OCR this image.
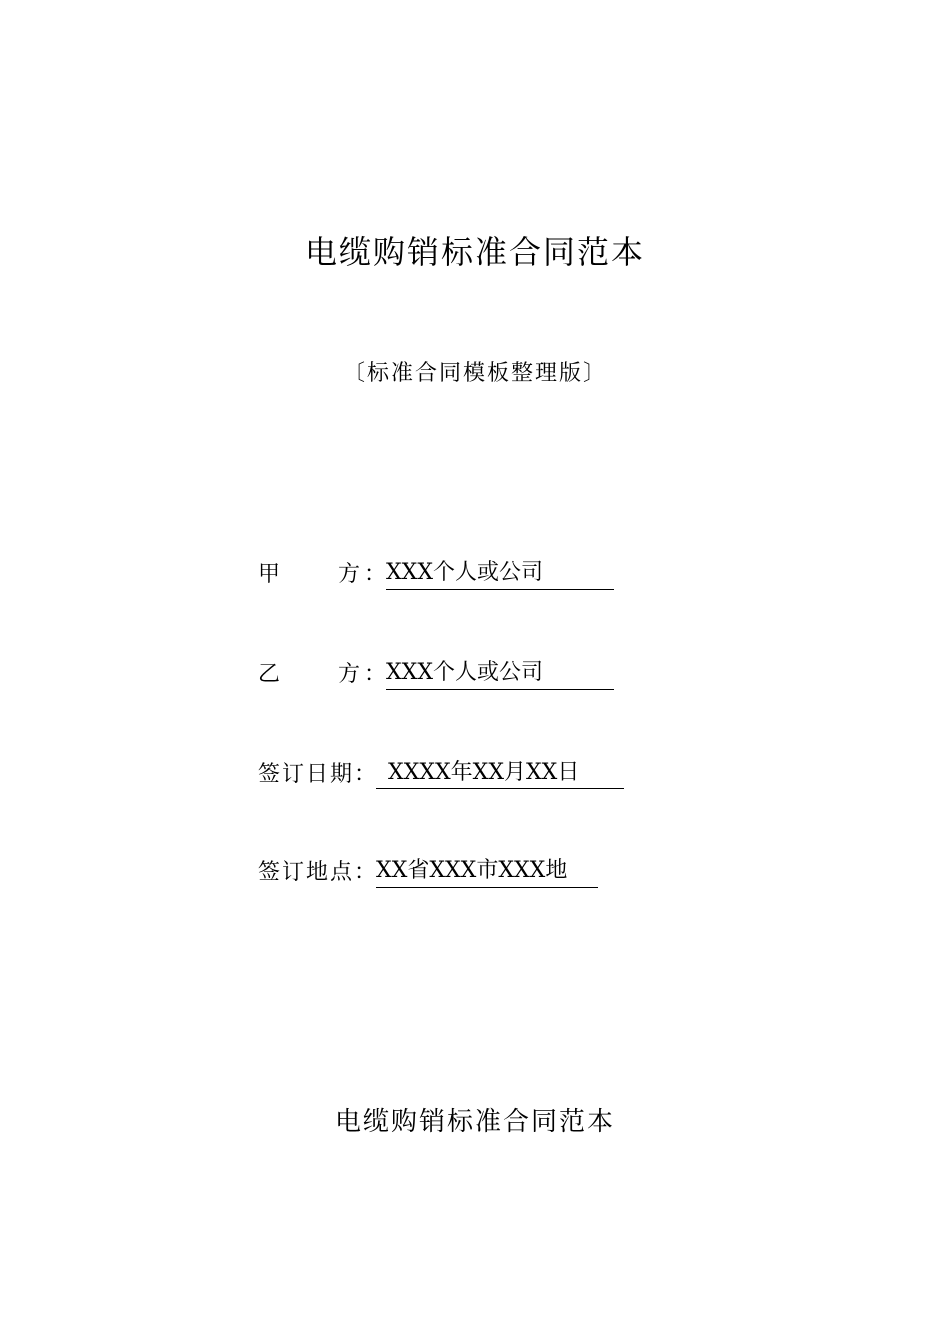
电缆购销标准合同范本
〔标准合同模板整理版〕
甲	方 ：XXX个人或公司
乙	方 ：XXX个人或公司
签订日期： XXXX年XX月XX日
签订地点：XX省XXX市XXX地
电缆购销标准合同范本
